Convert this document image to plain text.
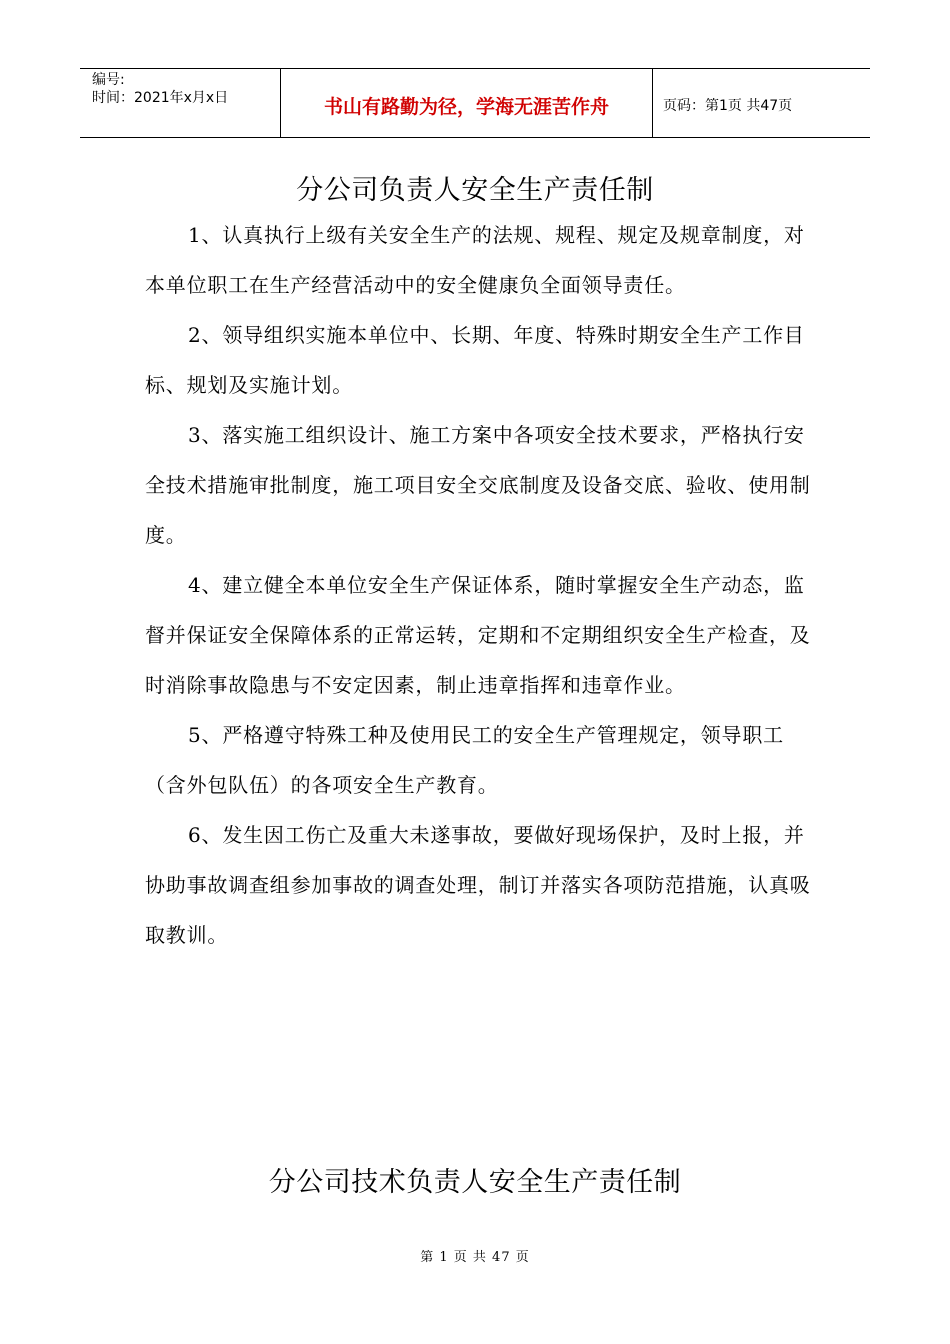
编号:
时间：2021年x月x日	书山有路勤为径，学海无涯苦作舟	页码：第1页 共47页
分公司负责人安全生产责任制

1、认真执行上级有关安全生产的法规、规程、规定及规章制度，对本单位职工在生产经营活动中的安全健康负全面领导责任。

2、领导组织实施本单位中、长期、年度、特殊时期安全生产工作目标、规划及实施计划。

3、落实施工组织设计、施工方案中各项安全技术要求，严格执行安全技术措施审批制度，施工项目安全交底制度及设备交底、验收、使用制度。

4、建立健全本单位安全生产保证体系，随时掌握安全生产动态，监督并保证安全保障体系的正常运转，定期和不定期组织安全生产检查，及时消除事故隐患与不安定因素，制止违章指挥和违章作业。

5、严格遵守特殊工种及使用民工的安全生产管理规定，领导职工（含外包队伍）的各项安全生产教育。

6、发生因工伤亡及重大未遂事故，要做好现场保护，及时上报，并协助事故调查组参加事故的调查处理，制订并落实各项防范措施，认真吸取教训。

分公司技术负责人安全生产责任制
第 1 页 共 47 页
